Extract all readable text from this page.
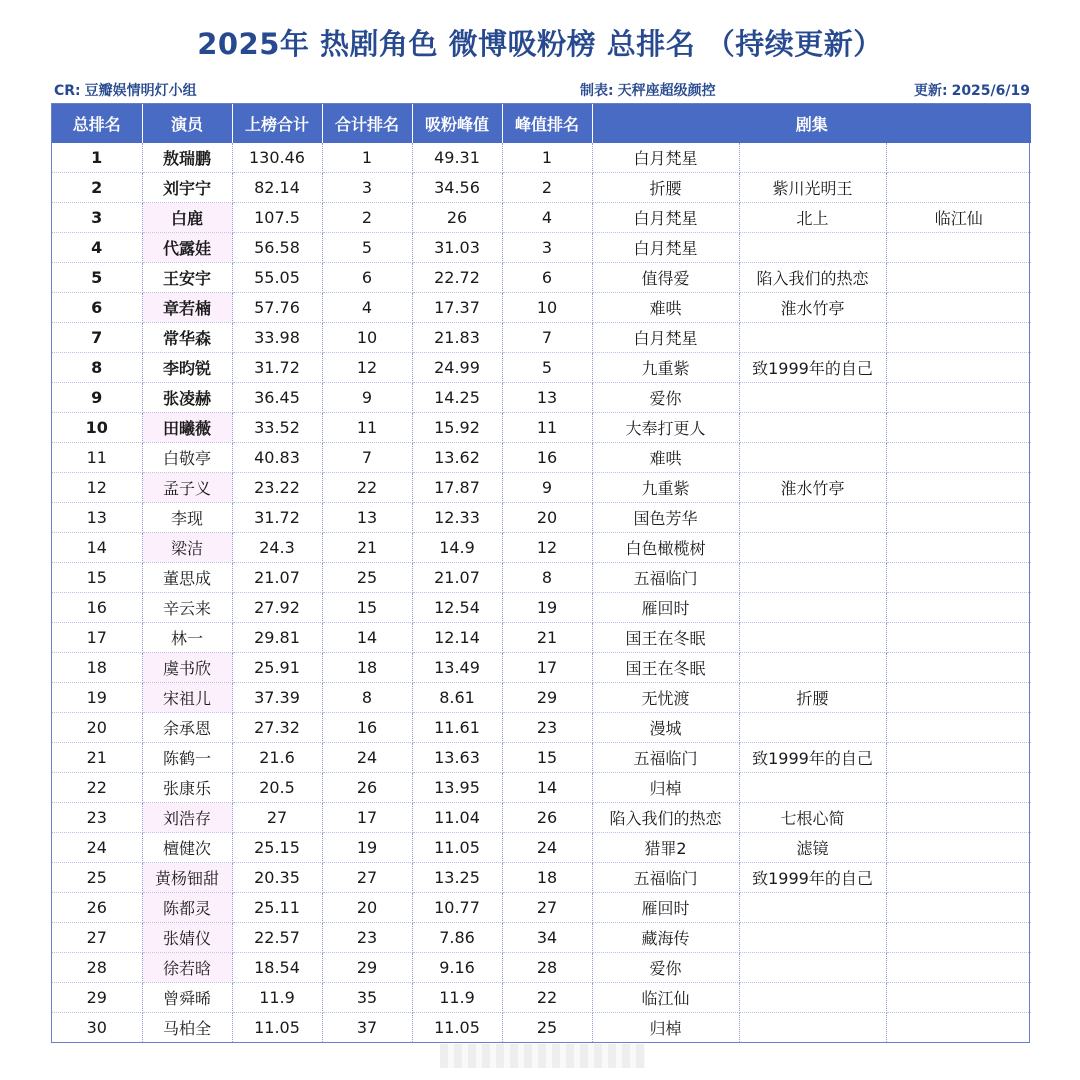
2025年 热剧角色 微博吸粉榜 总排名 （持续更新）
CR: 豆瓣娱情明灯小组	制表: 天秤座超级颜控	更新: 2025/6/19
总排名	演员	上榜合计	合计排名	吸粉峰值	峰值排名	剧集		
1	敖瑞鹏	130.46	1	49.31	1	白月梵星		
2	刘宇宁	82.14	3	34.56	2	折腰	紫川光明王	
3	白鹿	107.5	2	26	4	白月梵星	北上	临江仙
4	代露娃	56.58	5	31.03	3	白月梵星		
5	王安宇	55.05	6	22.72	6	值得爱	陷入我们的热恋	
6	章若楠	57.76	4	17.37	10	难哄	淮水竹亭	
7	常华森	33.98	10	21.83	7	白月梵星		
8	李昀锐	31.72	12	24.99	5	九重紫	致1999年的自己	
9	张凌赫	36.45	9	14.25	13	爱你		
10	田曦薇	33.52	11	15.92	11	大奉打更人		
11	白敬亭	40.83	7	13.62	16	难哄		
12	孟子义	23.22	22	17.87	9	九重紫	淮水竹亭	
13	李现	31.72	13	12.33	20	国色芳华		
14	梁洁	24.3	21	14.9	12	白色橄榄树		
15	董思成	21.07	25	21.07	8	五福临门		
16	辛云来	27.92	15	12.54	19	雁回时		
17	林一	29.81	14	12.14	21	国王在冬眠		
18	虞书欣	25.91	18	13.49	17	国王在冬眠		
19	宋祖儿	37.39	8	8.61	29	无忧渡	折腰	
20	余承恩	27.32	16	11.61	23	漫城		
21	陈鹤一	21.6	24	13.63	15	五福临门	致1999年的自己	
22	张康乐	20.5	26	13.95	14	归棹		
23	刘浩存	27	17	11.04	26	陷入我们的热恋	七根心简	
24	檀健次	25.15	19	11.05	24	猎罪2	滤镜	
25	黄杨钿甜	20.35	27	13.25	18	五福临门	致1999年的自己	
26	陈都灵	25.11	20	10.77	27	雁回时		
27	张婧仪	22.57	23	7.86	34	藏海传		
28	徐若晗	18.54	29	9.16	28	爱你		
29	曾舜晞	11.9	35	11.9	22	临江仙		
30	马柏全	11.05	37	11.05	25	归棹		
